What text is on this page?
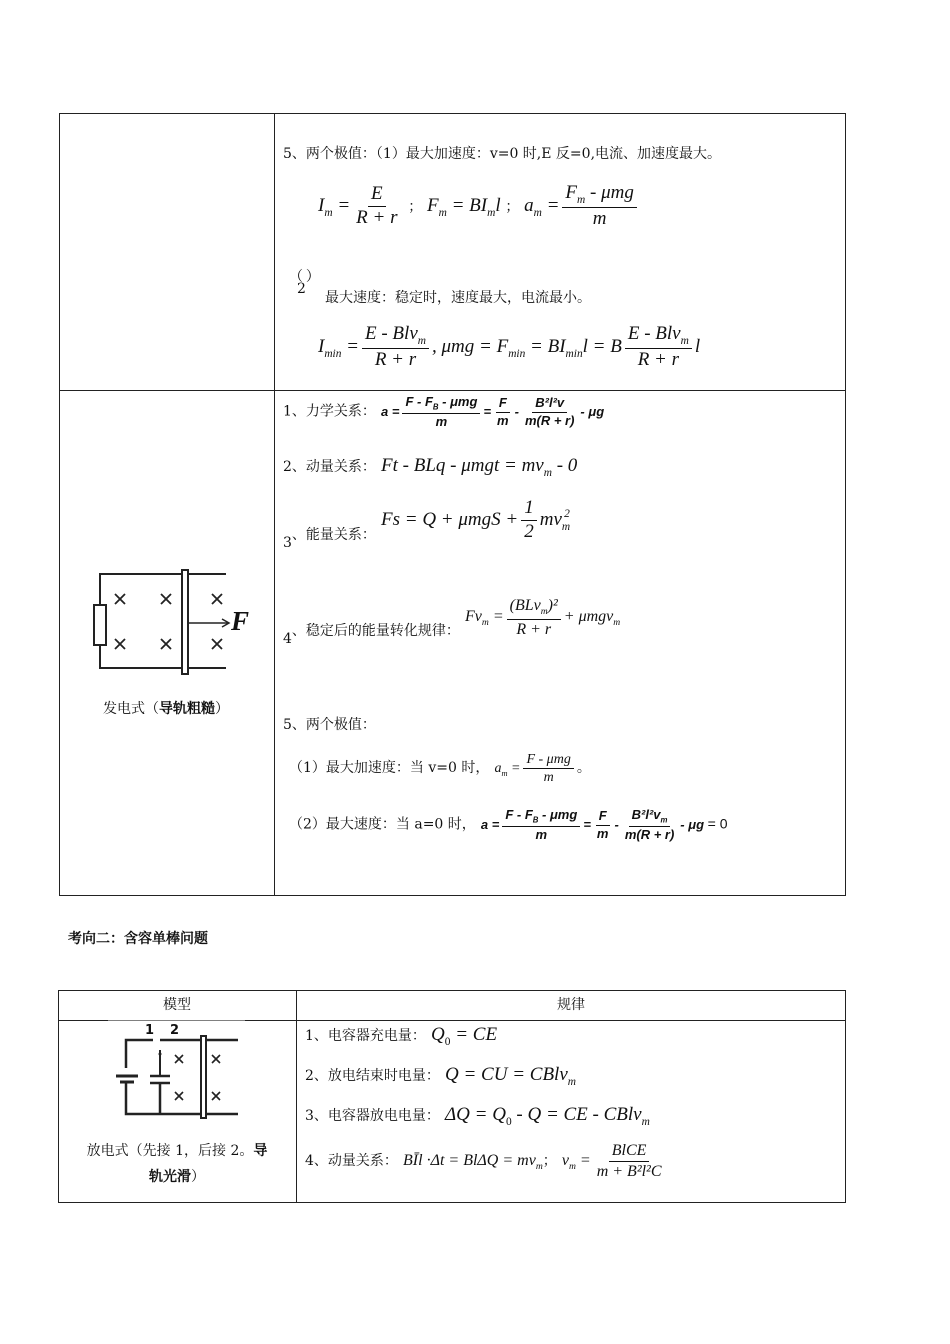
5、两个极值：（1）最大加速度：v=0 时,E 反=0,电流、加速度最大。
$I_m = \frac{E}{R + r}$ ； $F_m = BI_ml$ ； $a_m = \frac{F_m - \mu mg}{m}$
（2）
最大速度：稳定时，速度最大，电流最小。
$I_{min} = \frac{E - Blv_m}{R + r}$ , $\mu mg = F_{min} = BI_{min}l = B \frac{E - Blv_m}{R + r}$ l
F
发电式（导轨粗糙）
1、力学关系： $a = \frac{F - F_B - \mu mg}{m} = \frac{F}{m} - \frac{\text{B²l²v}}{m(R + r)} - \mu g$
2、动量关系： Ft - BLq - $\mu mgt = mv_m - 0$
3、能量关系： $Fs = Q + \mu mgS + \frac{1}{2} mv_m^2$
4、稳定后的能量转化规律： $Fv_m = \frac{(BLv_m)^2}{R + r} + \mu mgv_m$
5、两个极值：
（1）最大加速度：当 v=0 时， $a_m = \frac{\text{F - μmg}}{m}$ 。
（2）最大速度：当 a=0 时， $a = \frac{F - F_B - \mu mg}{m} = \frac{F}{m} - \frac{B^2l^2v_m}{m(R + r)} - \mu g = 0$
考向二：含容单棒问题
模型	规律
1 2
放电式（先接 1，后接 2。导
轨光滑）
1、电容器充电量： $Q_0$ = CE
2、放电结束时电量： Q = CU = CBlv$_m$
3、电容器放电电量： $\Delta Q = Q_0 - Q$ = CE - CBlv$_m$
4、动量关系： BĪl $\cdot\Delta t = Bl\Delta Q = mv_m$； $v_m = \frac{\text{BlCE}}{\text{m + B²l²C}}$
